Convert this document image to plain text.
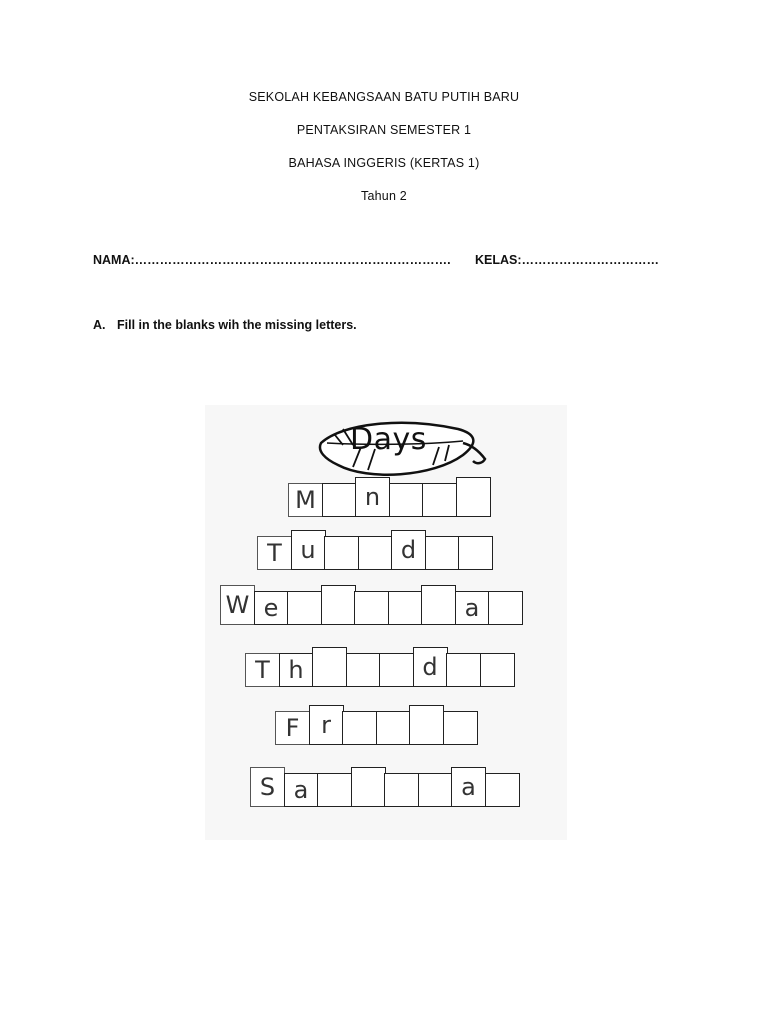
SEKOLAH KEBANGSAAN BATU PUTIH BARU
PENTAKSIRAN SEMESTER 1
BAHASA INGGERIS (KERTAS 1)
Tahun 2
NAMA:…………………………………………………………………. KELAS:……………………………
A. Fill in the blanks wih the missing letters.
Days
M	n
T u	d
W e	a
T h	d
F r
S a	a
